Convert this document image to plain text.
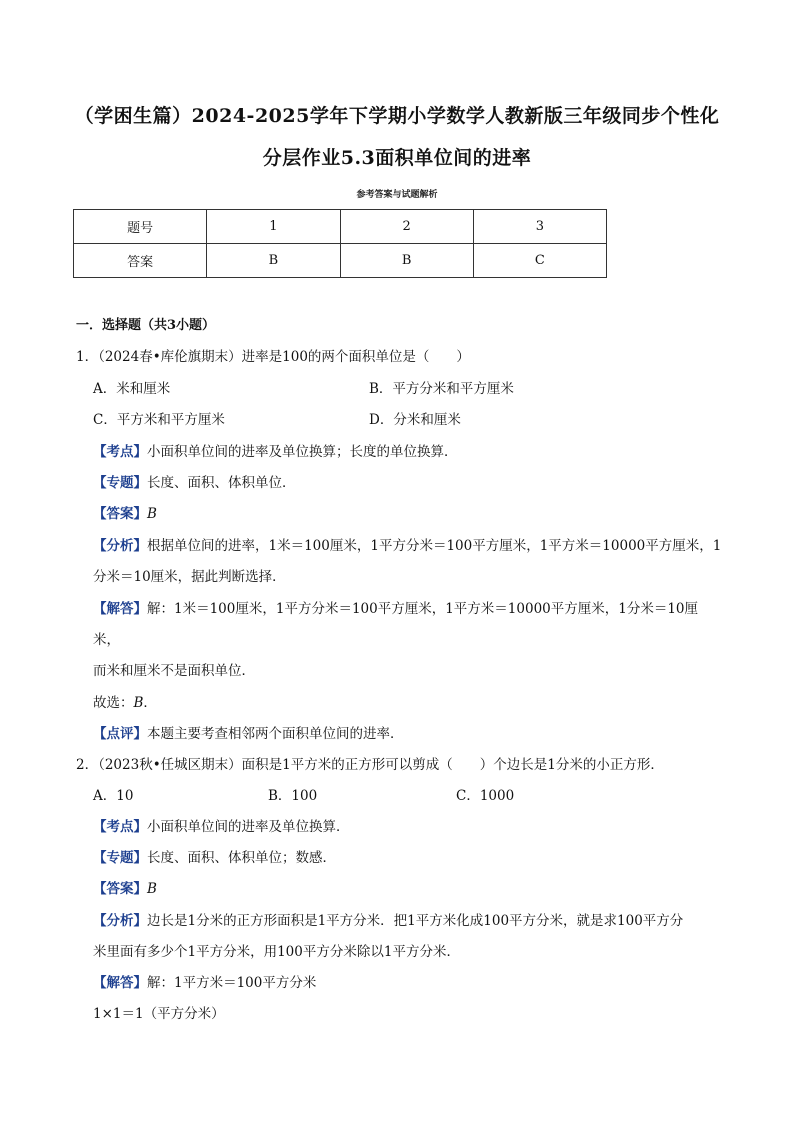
（学困生篇）2024-2025学年下学期小学数学人教新版三年级同步个性化
分层作业5.3面积单位间的进率
参考答案与试题解析
题号	1	2	3
答案	B	B	C
一．选择题（共3小题）
1．（2024春•库伦旗期末）进率是100的两个面积单位是（　　）
A．米和厘米	B．平方分米和平方厘米
C．平方米和平方厘米	D．分米和厘米
【考点】小面积单位间的进率及单位换算；长度的单位换算．
【专题】长度、面积、体积单位．
【答案】B
【分析】根据单位间的进率，1米＝100厘米，1平方分米＝100平方厘米，1平方米＝10000平方厘米，1
分米＝10厘米，据此判断选择．
【解答】解：1米＝100厘米，1平方分米＝100平方厘米，1平方米＝10000平方厘米，1分米＝10厘
米，
而米和厘米不是面积单位．
故选：B．
【点评】本题主要考查相邻两个面积单位间的进率．
2．（2023秋•任城区期末）面积是1平方米的正方形可以剪成（　　）个边长是1分米的小正方形．
A．10	B．100	C．1000
【考点】小面积单位间的进率及单位换算．
【专题】长度、面积、体积单位；数感．
【答案】B
【分析】边长是1分米的正方形面积是1平方分米．把1平方米化成100平方分米，就是求100平方分
米里面有多少个1平方分米，用100平方分米除以1平方分米．
【解答】解：1平方米＝100平方分米
1×1＝1（平方分米）
